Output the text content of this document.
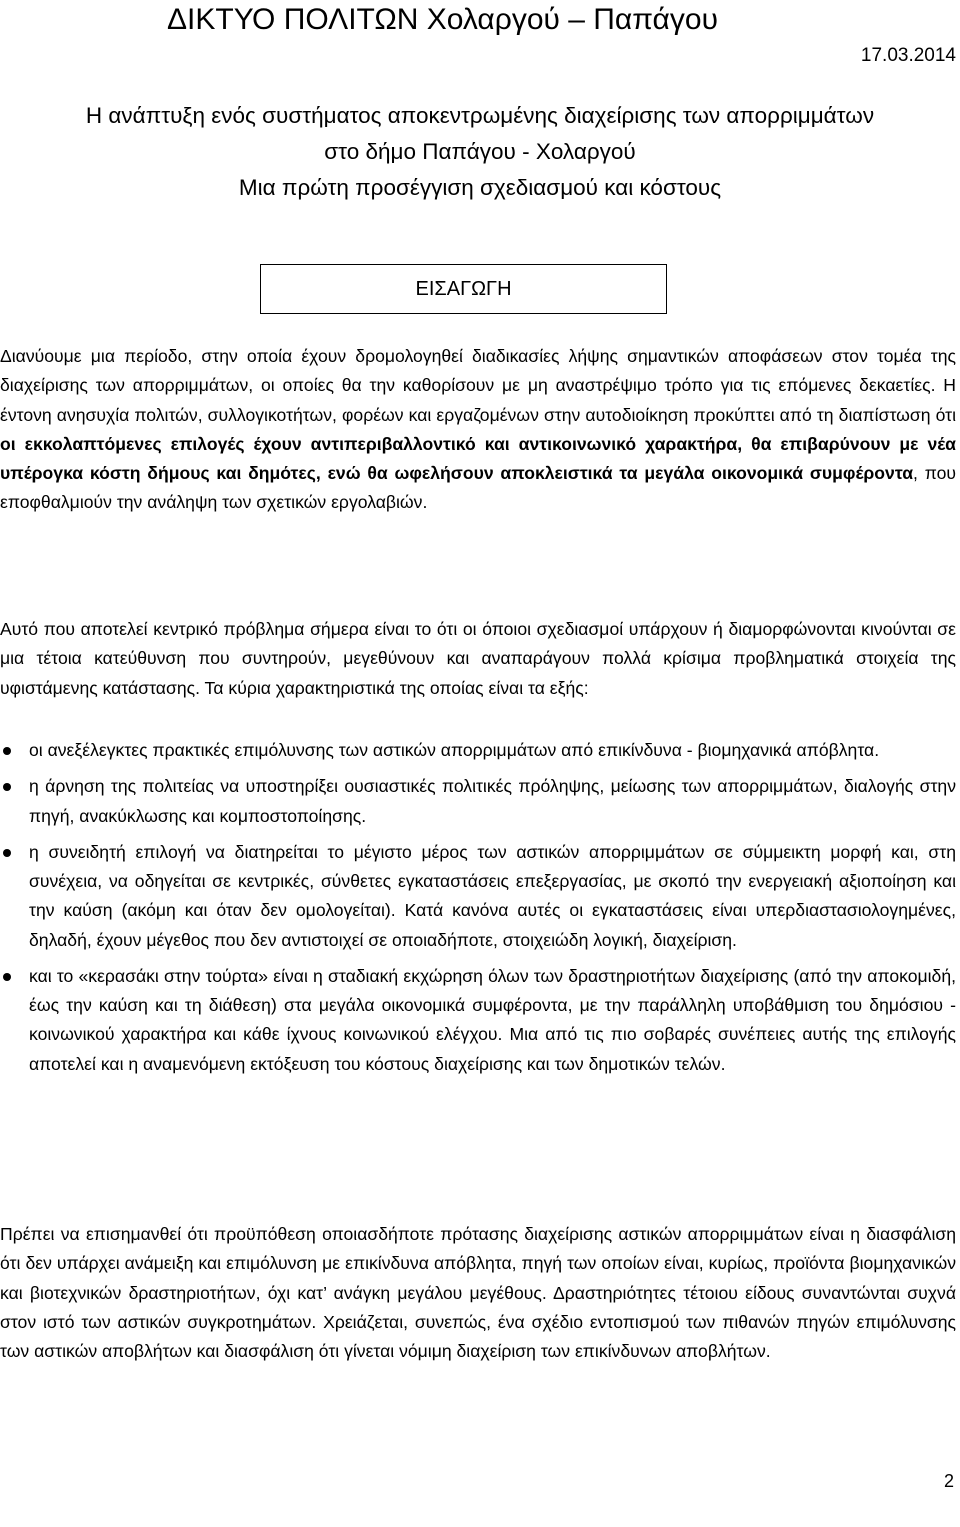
ΔΙΚΤΥΟ ΠΟΛΙΤΩΝ Χολαργού – Παπάγου
17.03.2014
Η ανάπτυξη ενός συστήματος αποκεντρωμένης διαχείρισης των απορριμμάτων
στο δήμο Παπάγου - Χολαργού
Μια πρώτη προσέγγιση σχεδιασμού και κόστους
ΕΙΣΑΓΩΓΗ

Διανύουμε μια περίοδο, στην οποία έχουν δρομολογηθεί διαδικασίες λήψης σημαντικών αποφάσεων στον τομέα της διαχείρισης των απορριμμάτων, οι οποίες θα την καθορίσουν με μη αναστρέψιμο τρόπο για τις επόμενες δεκαετίες. Η έντονη ανησυχία πολιτών, συλλογικοτήτων, φορέων και εργαζομένων στην αυτοδιοίκηση προκύπτει από τη διαπίστωση ότι οι εκκολαπτόμενες επιλογές έχουν αντιπεριβαλλοντικό και αντικοινωνικό χαρακτήρα, θα επιβαρύνουν με νέα υπέρογκα κόστη δήμους και δημότες, ενώ θα ωφελήσουν αποκλειστικά τα μεγάλα οικονομικά συμφέροντα, που εποφθαλμιούν την ανάληψη των σχετικών εργολαβιών.

Αυτό που αποτελεί κεντρικό πρόβλημα σήμερα είναι το ότι οι όποιοι σχεδιασμοί υπάρχουν ή διαμορφώνονται κινούνται σε μια τέτοια κατεύθυνση που συντηρούν, μεγεθύνουν και αναπαράγουν πολλά κρίσιμα προβληματικά στοιχεία της υφιστάμενης κατάστασης. Τα κύρια χαρακτηριστικά της οποίας είναι τα εξής:

οι ανεξέλεγκτες πρακτικές επιμόλυνσης των αστικών απορριμμάτων από επικίνδυνα - βιομηχανικά απόβλητα.
η άρνηση της πολιτείας να υποστηρίξει ουσιαστικές πολιτικές πρόληψης, μείωσης των απορριμμάτων, διαλογής στην πηγή, ανακύκλωσης και κομποστοποίησης.
η συνειδητή επιλογή να διατηρείται το μέγιστο μέρος των αστικών απορριμμάτων σε σύμμεικτη μορφή και, στη συνέχεια, να οδηγείται σε κεντρικές, σύνθετες εγκαταστάσεις επεξεργασίας, με σκοπό την ενεργειακή αξιοποίηση και την καύση (ακόμη και όταν δεν ομολογείται). Κατά κανόνα αυτές οι εγκαταστάσεις είναι υπερδιαστασιολογημένες, δηλαδή, έχουν μέγεθος που δεν αντιστοιχεί σε οποιαδήποτε, στοιχειώδη λογική, διαχείριση.
και το «κερασάκι στην τούρτα» είναι η σταδιακή εκχώρηση όλων των δραστηριοτήτων διαχείρισης (από την αποκομιδή, έως την καύση και τη διάθεση) στα μεγάλα οικονομικά συμφέροντα, με την παράλληλη υποβάθμιση του δημόσιου - κοινωνικού χαρακτήρα και κάθε ίχνους κοινωνικού ελέγχου. Μια από τις πιο σοβαρές συνέπειες αυτής της επιλογής αποτελεί και η αναμενόμενη εκτόξευση του κόστους διαχείρισης και των δημοτικών τελών.

Πρέπει να επισημανθεί ότι προϋπόθεση οποιασδήποτε πρότασης διαχείρισης αστικών απορριμμάτων είναι η διασφάλιση ότι δεν υπάρχει ανάμειξη και επιμόλυνση με επικίνδυνα απόβλητα, πηγή των οποίων είναι, κυρίως, προϊόντα βιομηχανικών και βιοτεχνικών δραστηριοτήτων, όχι κατ’ ανάγκη μεγάλου μεγέθους. Δραστηριότητες τέτοιου είδους συναντώνται συχνά στον ιστό των αστικών συγκροτημάτων. Χρειάζεται, συνεπώς, ένα σχέδιο εντοπισμού των πιθανών πηγών επιμόλυνσης των αστικών αποβλήτων και διασφάλιση ότι γίνεται νόμιμη διαχείριση των επικίνδυνων αποβλήτων.

2
